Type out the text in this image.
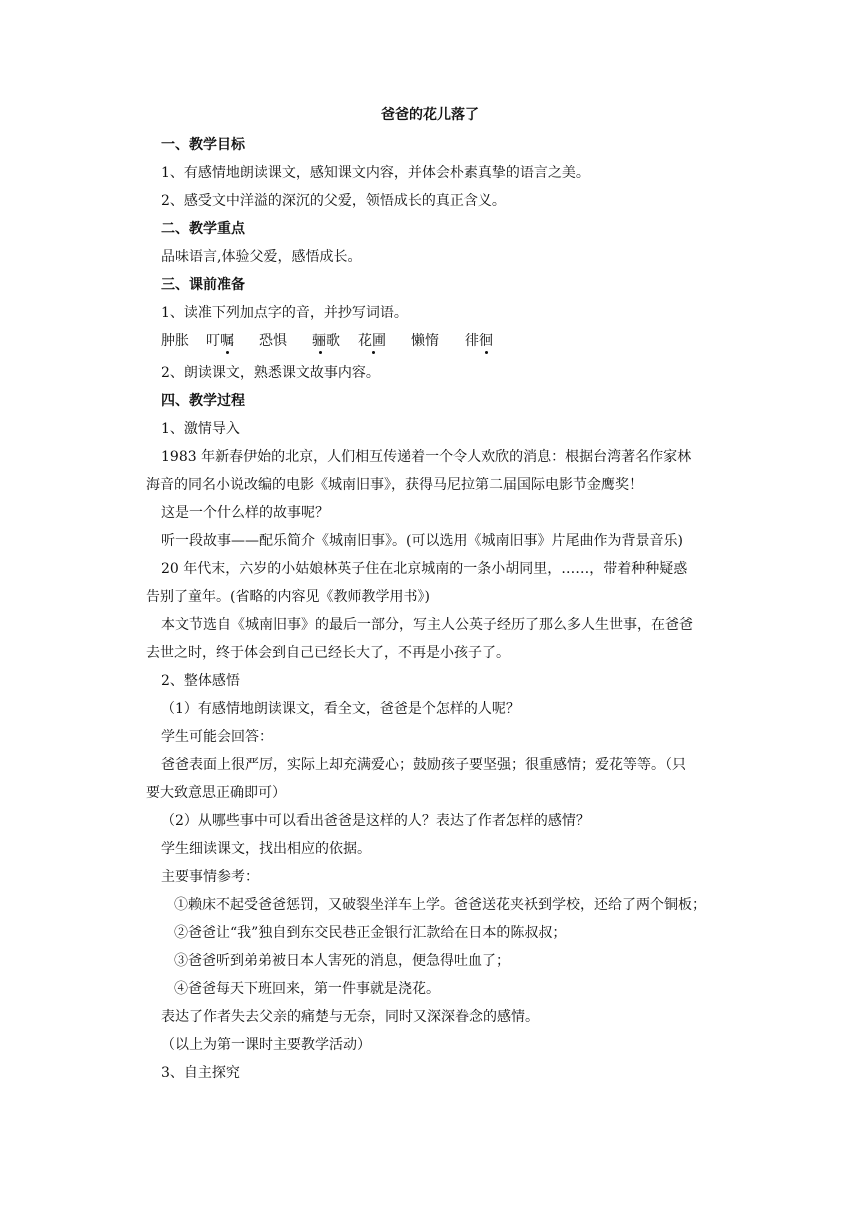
爸爸的花儿落了
一、教学目标
1、有感情地朗读课文，感知课文内容，并体会朴素真挚的语言之美。
2、感受文中洋溢的深沉的父爱，领悟成长的真正含义。
二、教学重点
品味语言,体验父爱，感悟成长。
三、课前准备
1、读准下列加点字的音，并抄写词语。
肿胀 叮嘱 恐惧 骊歌 花圃 懒惰 徘徊
2、朗读课文，熟悉课文故事内容。
四、教学过程
1、激情导入
1983 年新春伊始的北京，人们相互传递着一个令人欢欣的消息：根据台湾著名作家林
海音的同名小说改编的电影《城南旧事》，获得马尼拉第二届国际电影节金鹰奖！
这是一个什么样的故事呢？
听一段故事——配乐简介《城南旧事》。(可以选用《城南旧事》片尾曲作为背景音乐)
20 年代末，六岁的小姑娘林英子住在北京城南的一条小胡同里，……，带着种种疑惑
告别了童年。(省略的内容见《教师教学用书》)
本文节选自《城南旧事》的最后一部分，写主人公英子经历了那么多人生世事，在爸爸
去世之时，终于体会到自己已经长大了，不再是小孩子了。
2、整体感悟
（1）有感情地朗读课文，看全文，爸爸是个怎样的人呢？
学生可能会回答：
爸爸表面上很严厉，实际上却充满爱心；鼓励孩子要坚强；很重感情；爱花等等。（只
要大致意思正确即可）
（2）从哪些事中可以看出爸爸是这样的人？表达了作者怎样的感情？
学生细读课文，找出相应的依据。
主要事情参考：
①赖床不起受爸爸惩罚，又破裂坐洋车上学。爸爸送花夹袄到学校，还给了两个铜板；
②爸爸让“我”独自到东交民巷正金银行汇款给在日本的陈叔叔；
③爸爸听到弟弟被日本人害死的消息，便急得吐血了；
④爸爸每天下班回来，第一件事就是浇花。
表达了作者失去父亲的痛楚与无奈，同时又深深眷念的感情。
（以上为第一课时主要教学活动）
3、自主探究
